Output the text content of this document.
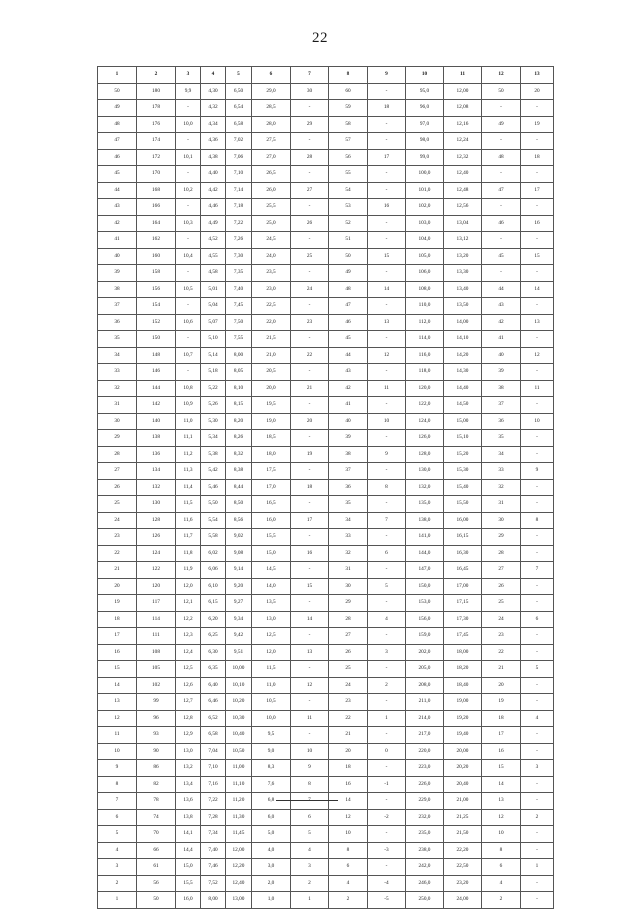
22
1	2	3	4	5	6	7	8	9	10	11	12	13
50	180	9,9	4,30	6,50	29,0	30	60	-	95,0	12,00	50	20
49	178	-	4,32	6,54	28,5	-	59	18	96,0	12,08	-	-
48	176	10,0	4,34	6,58	28,0	29	58	-	97,0	12,16	49	19
47	174	-	4,36	7,02	27,5	-	57	-	98,0	12,24	-	-
46	172	10,1	4,38	7,06	27,0	28	56	17	99,0	12,32	48	18
45	170	-	4,40	7,10	26,5	-	55	-	100,0	12,40	-	-
44	168	10,2	4,42	7,14	26,0	27	54	-	101,0	12,48	47	17
43	166	-	4,46	7,18	25,5	-	53	16	102,0	12,56	-	-
42	164	10,3	4,49	7,22	25,0	26	52	-	103,0	13,04	46	16
41	162	-	4,52	7,26	24,5	-	51	-	104,0	13,12	-	-
40	160	10,4	4,55	7,30	24,0	25	50	15	105,0	13,20	45	15
39	158	-	4,58	7,35	23,5	-	49	-	106,0	13,30	-	-
38	156	10,5	5,01	7,40	23,0	24	48	14	108,0	13,40	44	14
37	154	-	5,04	7,45	22,5	-	47	-	110,0	13,50	43	-
36	152	10,6	5,07	7,50	22,0	23	46	13	112,0	14,00	42	13
35	150	-	5,10	7,55	21,5	-	45	-	114,0	14,10	41	-
34	148	10,7	5,14	8,00	21,0	22	44	12	116,0	14,20	40	12
33	146	-	5,18	8,05	20,5	-	43	-	118,0	14,30	39	-
32	144	10,8	5,22	8,10	20,0	21	42	11	120,0	14,40	38	11
31	142	10,9	5,26	8,15	19,5	-	41	-	122,0	14,50	37	-
30	140	11,0	5,30	8,20	19,0	20	40	10	124,0	15,00	36	10
29	138	11,1	5,34	8,26	18,5	-	39	-	126,0	15,10	35	-
28	136	11,2	5,38	8,32	18,0	19	38	9	128,0	15,20	34	-
27	134	11,3	5,42	8,38	17,5	-	37	-	130,0	15,30	33	9
26	132	11,4	5,46	8,44	17,0	18	36	8	132,0	15,40	32	-
25	130	11,5	5,50	8,50	16,5	-	35	-	135,0	15,50	31	-
24	128	11,6	5,54	8,56	16,0	17	34	7	138,0	16,00	30	8
23	126	11,7	5,58	9,02	15,5	-	33	-	141,0	16,15	29	-
22	124	11,8	6,02	9,08	15,0	16	32	6	144,0	16,30	28	-
21	122	11,9	6,06	9,14	14,5	-	31	-	147,0	16,45	27	7
20	120	12,0	6,10	9,20	14,0	15	30	5	150,0	17,00	26	-
19	117	12,1	6,15	9,27	13,5	-	29	-	153,0	17,15	25	-
18	114	12,2	6,20	9,34	13,0	14	28	4	156,0	17,30	24	6
17	111	12,3	6,25	9,42	12,5	-	27	-	159,0	17,45	23	-
16	108	12,4	6,30	9,51	12,0	13	26	3	202,0	18,00	22	-
15	105	12,5	6,35	10,00	11,5	-	25	-	205,0	18,20	21	5
14	102	12,6	6,40	10,10	11,0	12	24	2	208,0	18,40	20	-
13	99	12,7	6,46	10,20	10,5	-	23	-	211,0	19,00	19	-
12	96	12,8	6,52	10,30	10,0	11	22	1	214,0	19,20	18	4
11	93	12,9	6,58	10,40	9,5	-	21	-	217,0	19,40	17	-
10	90	13,0	7,04	10,50	9,0	10	20	0	220,0	20,00	16	-
9	86	13,2	7,10	11,00	8,3	9	18	-	223,0	20,20	15	3
8	82	13,4	7,16	11,10	7,6	8	16	-1	226,0	20,40	14	-
7	78	13,6	7,22	11,20	6,8	7	14	-	229,0	21,00	13	-
6	74	13,8	7,28	11,30	6,0	6	12	-2	232,0	21,25	12	2
5	70	14,1	7,34	11,45	5,0	5	10	-	235,0	21,50	10	-
4	66	14,4	7,40	12,00	4,0	4	8	-3	238,0	22,20	8	-
3	61	15,0	7,46	12,20	3,0	3	6	-	242,0	22,50	6	1
2	56	15,5	7,52	12,40	2,0	2	4	-4	246,0	23,20	4	-
1	50	16,0	8,00	13,00	1,0	1	2	-5	250,0	24,00	2	-
